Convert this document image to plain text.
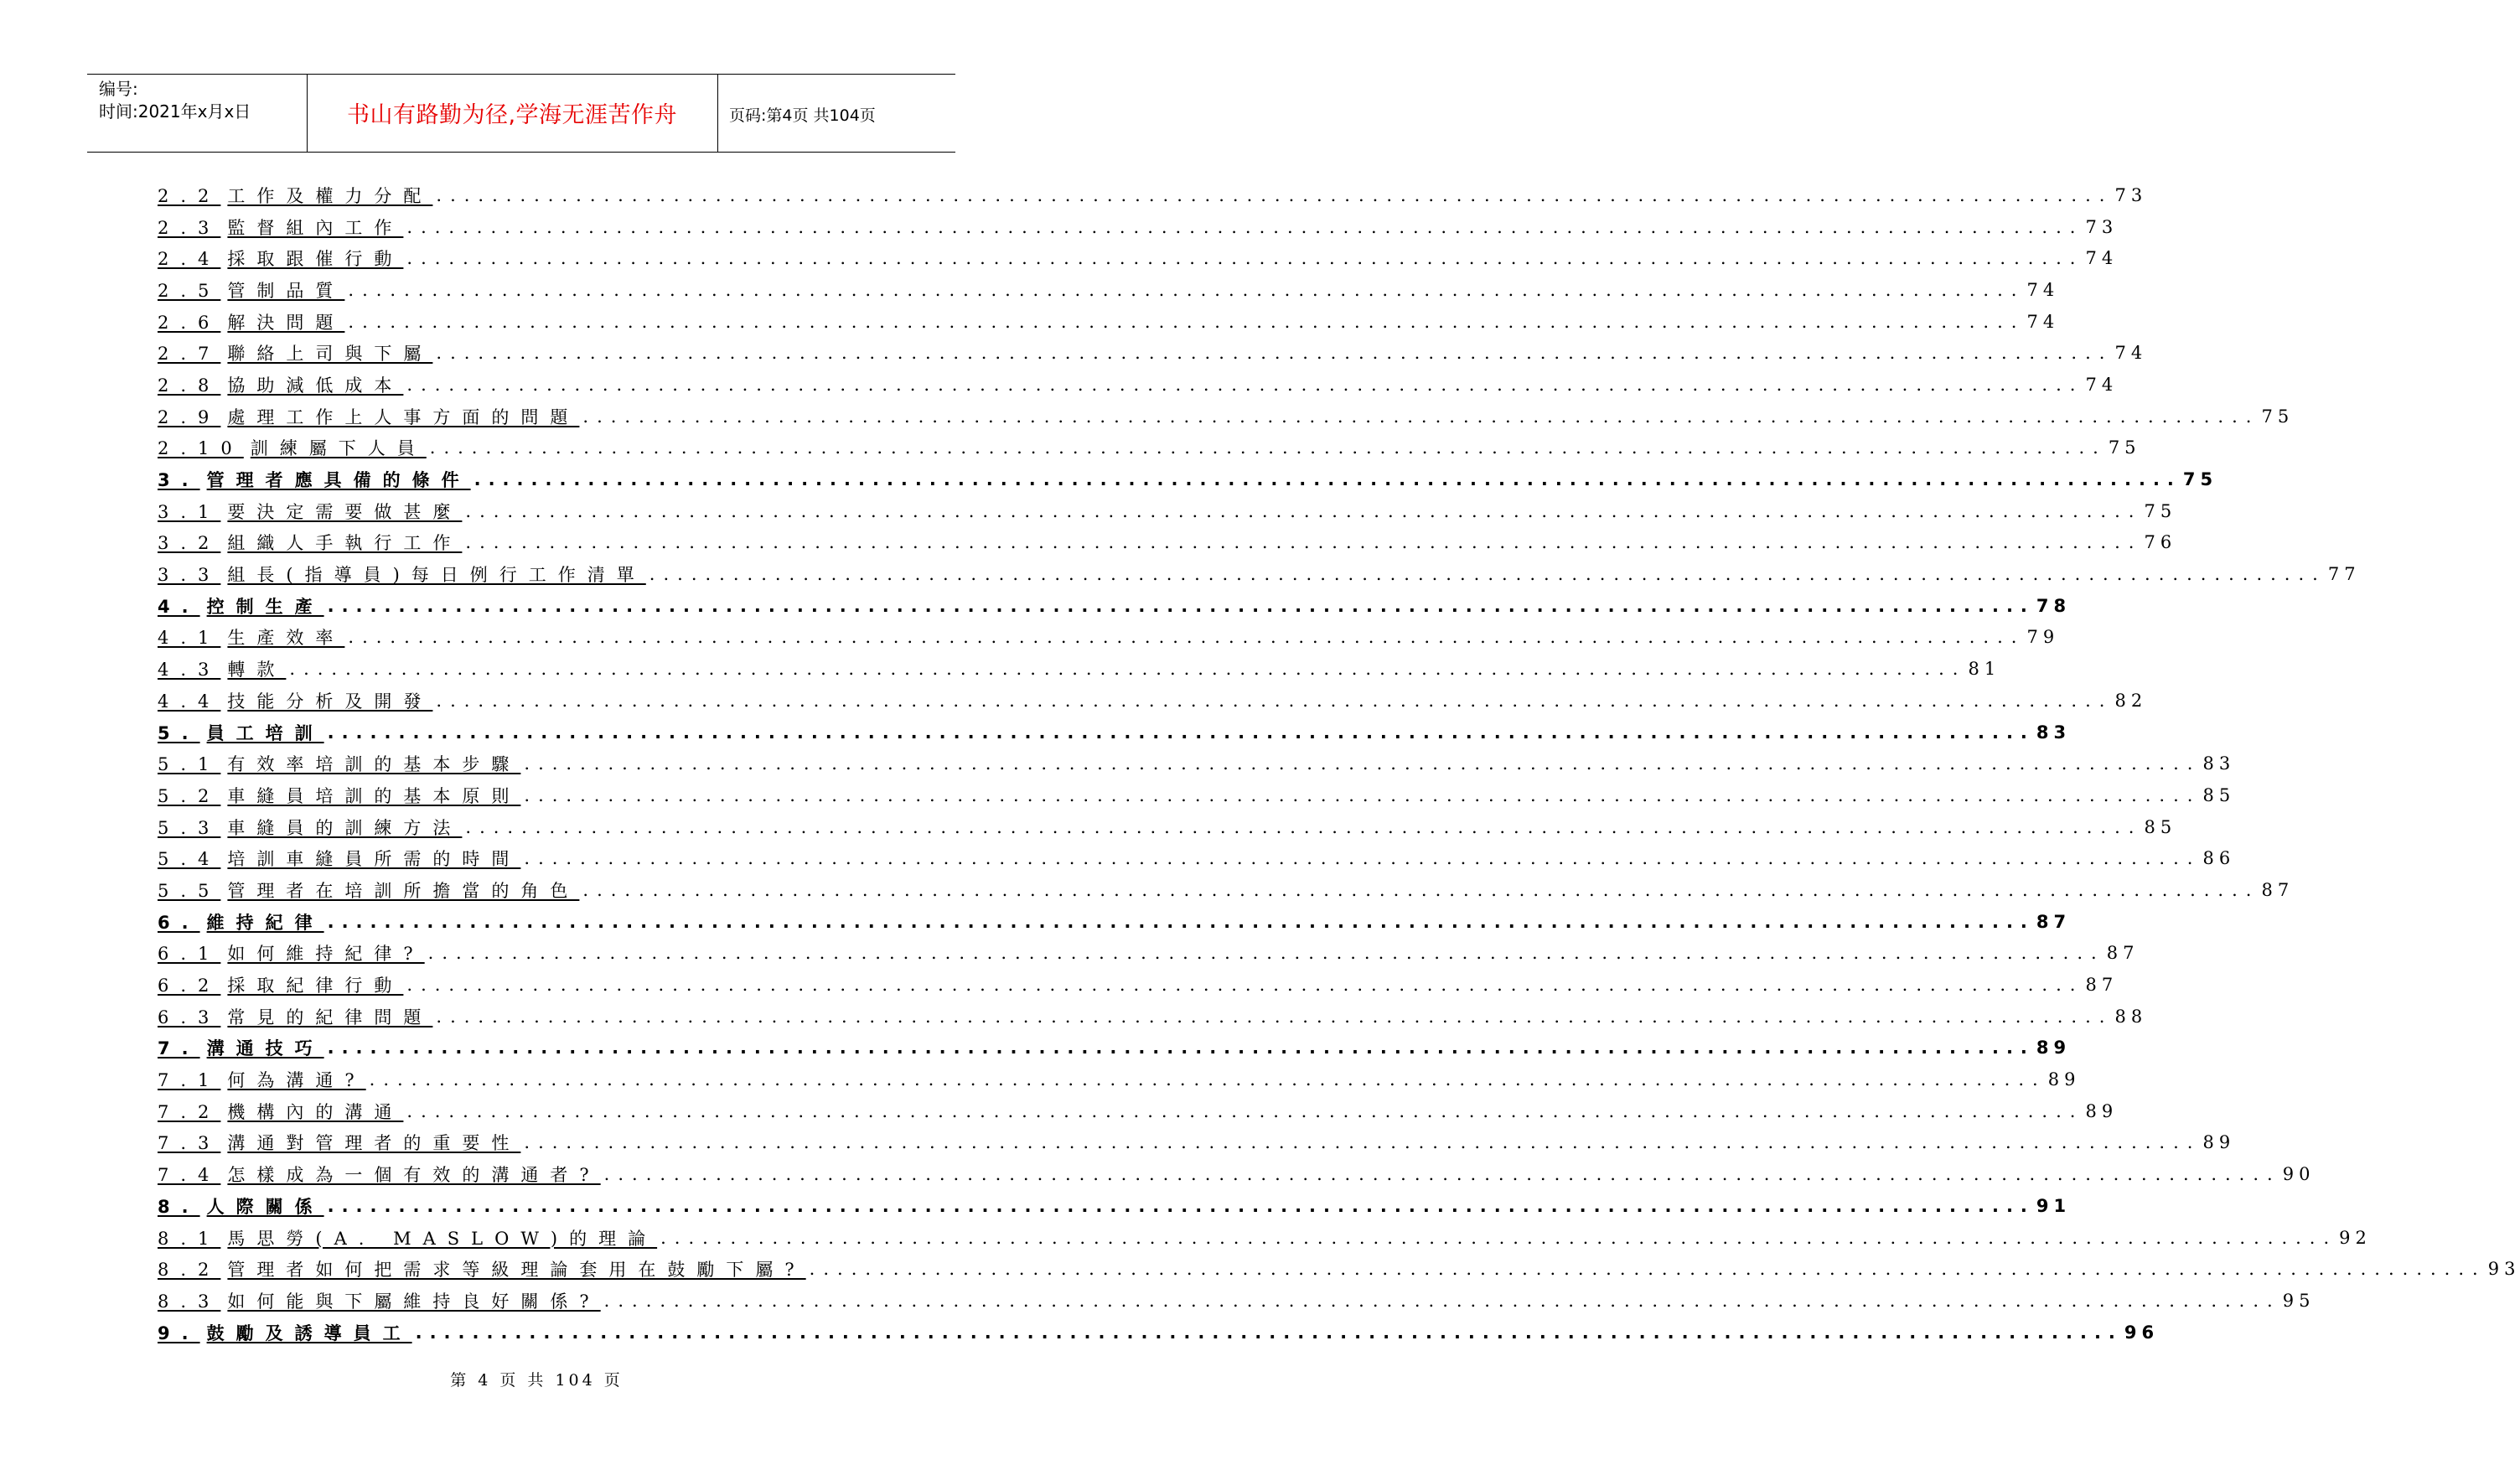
编号:
时间:2021年x月x日	书山有路勤为径,学海无涯苦作舟	页码:第4页 共104页
2.2 工作及權力分配 ........................................................................................................................ 73
2.3 監督組內工作 ........................................................................................................................ 73
2.4 採取跟催行動 ........................................................................................................................ 74
2.5 管制品質 ........................................................................................................................ 74
2.6 解決問題 ........................................................................................................................ 74
2.7 聯絡上司與下屬 ........................................................................................................................ 74
2.8 協助減低成本 ........................................................................................................................ 74
2.9 處理工作上人事方面的問題 ........................................................................................................................ 75
2.10 訓練屬下人員 ........................................................................................................................ 75
3. 管理者應具備的條件 ........................................................................................................................ 75
3.1 要決定需要做甚麼 ........................................................................................................................ 75
3.2 組織人手執行工作 ........................................................................................................................ 76
3.3 組長(指導員)每日例行工作清單 ........................................................................................................................ 77
4. 控制生產 ........................................................................................................................ 78
4.1 生產效率 ........................................................................................................................ 79
4.3 轉款 ........................................................................................................................ 81
4.4 技能分析及開發 ........................................................................................................................ 82
5. 員工培訓 ........................................................................................................................ 83
5.1 有效率培訓的基本步驟 ........................................................................................................................ 83
5.2 車縫員培訓的基本原則 ........................................................................................................................ 85
5.3 車縫員的訓練方法 ........................................................................................................................ 85
5.4 培訓車縫員所需的時間 ........................................................................................................................ 86
5.5 管理者在培訓所擔當的角色 ........................................................................................................................ 87
6. 維持紀律 ........................................................................................................................ 87
6.1 如何維持紀律? ........................................................................................................................ 87
6.2 採取紀律行動 ........................................................................................................................ 87
6.3 常見的紀律問題 ........................................................................................................................ 88
7. 溝通技巧 ........................................................................................................................ 89
7.1 何為溝通? ........................................................................................................................ 89
7.2 機構內的溝通 ........................................................................................................................ 89
7.3 溝通對管理者的重要性 ........................................................................................................................ 89
7.4 怎樣成為一個有效的溝通者? ........................................................................................................................ 90
8. 人際關係 ........................................................................................................................ 91
8.1 馬思勞(A. MASLOW)的理論 ........................................................................................................................ 92
8.2 管理者如何把需求等級理論套用在鼓勵下屬? ........................................................................................................................ 93
8.3 如何能與下屬維持良好關係? ........................................................................................................................ 95
9. 鼓勵及誘導員工 ........................................................................................................................ 96
第 4 页 共 104 页
